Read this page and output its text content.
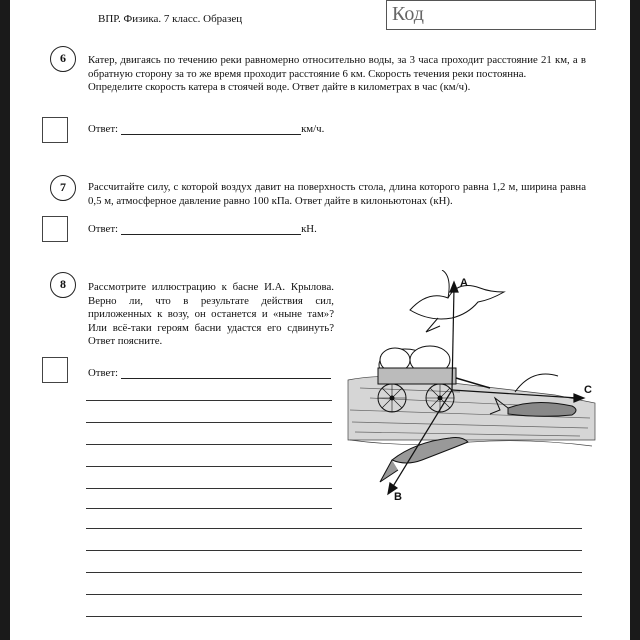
ВПР. Физика. 7 класс. Образец	Код
6	Катер, двигаясь по течению реки равномерно относительно воды, за 3 часа проходит расстояние 21 км, а в обратную сторону за то же время проходит расстояние 6 км. Скорость течения реки постоянна.

Определите скорость катера в стоячей воде. Ответ дайте в километрах в час (км/ч).

Ответ:	км/ч.
7	Рассчитайте силу, с которой воздух давит на поверхность стола, длина которого равна 1,2 м, ширина равна 0,5 м, атмосферное давление равно 100 кПа. Ответ дайте в килоньютонах (кН).

Ответ:	кН.
8	Рассмотрите иллюстрацию к басне И.А. Крылова. Верно ли, что в результате действия сил, приложенных к возу, он останется и «ныне там»? Или всё-таки героям басни удастся его сдвинуть? Ответ поясните.

Ответ:
A
C
B
